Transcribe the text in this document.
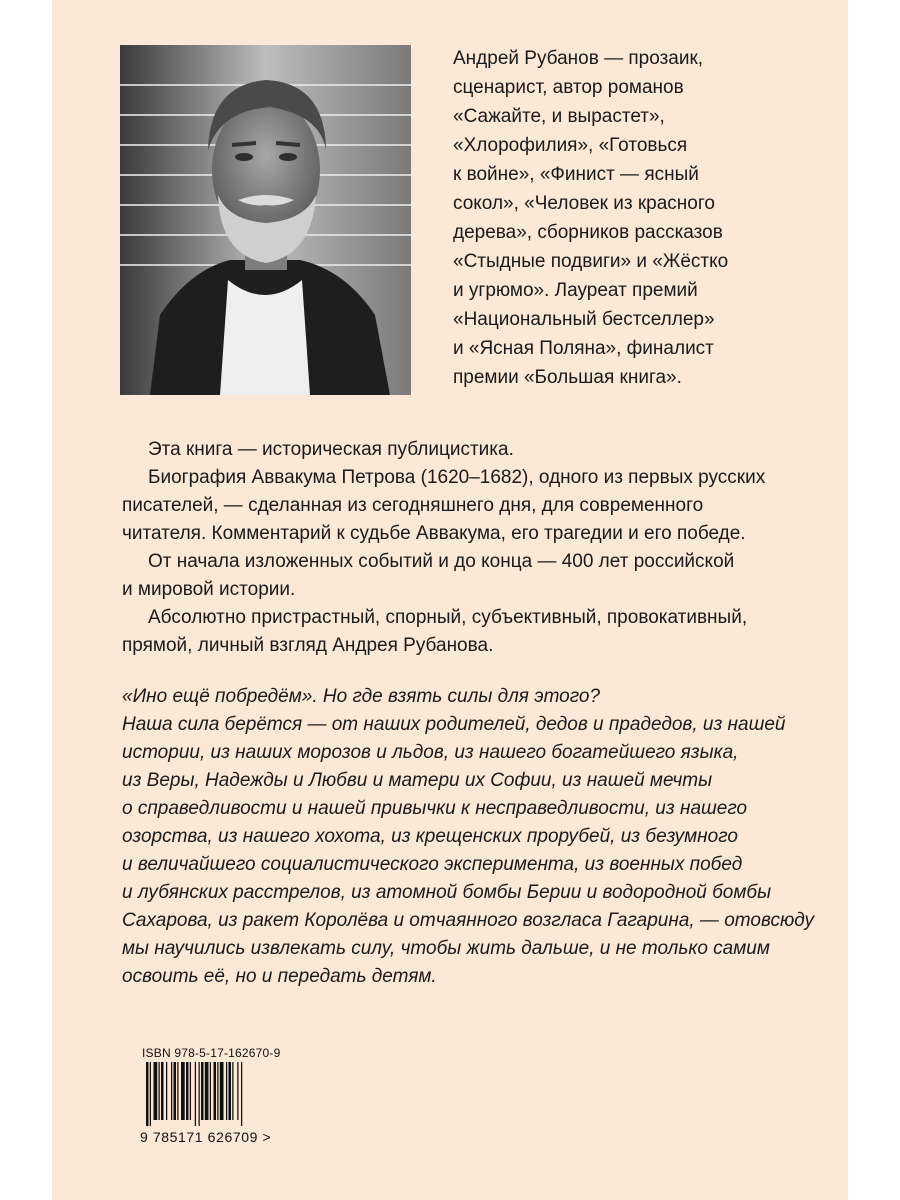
Андрей Рубанов — прозаик,
сценарист, автор романов
«Сажайте, и вырастет»,
«Хлорофилия», «Готовься
к войне», «Финист — ясный
сокол», «Человек из красного
дерева», сборников рассказов
«Стыдные подвиги» и «Жёстко
и угрюмо». Лауреат премий
«Национальный бестселлер»
и «Ясная Поляна», финалист
премии «Большая книга».
Эта книга — историческая публицистика.
Биография Аввакума Петрова (1620–1682), одного из первых русских
писателей, — сделанная из сегодняшнего дня, для современного
читателя. Комментарий к судьбе Аввакума, его трагедии и его победе.
От начала изложенных событий и до конца — 400 лет российской
и мировой истории.
Абсолютно пристрастный, спорный, субъективный, провокативный,
прямой, личный взгляд Андрея Рубанова.
«Ино ещё побредём». Но где взять силы для этого?
Наша сила берётся — от наших родителей, дедов и прадедов, из нашей
истории, из наших морозов и льдов, из нашего богатейшего языка,
из Веры, Надежды и Любви и матери их Софии, из нашей мечты
о справедливости и нашей привычки к несправедливости, из нашего
озорства, из нашего хохота, из крещенских прорубей, из безумного
и величайшего социалистического эксперимента, из военных побед
и лубянских расстрелов, из атомной бомбы Берии и водородной бомбы
Сахарова, из ракет Королёва и отчаянного возгласа Гагарина, — отовсюду
мы научились извлекать силу, чтобы жить дальше, и не только самим
освоить её, но и передать детям.
ISBN 978-5-17-162670-9
9 785171 626709 >
